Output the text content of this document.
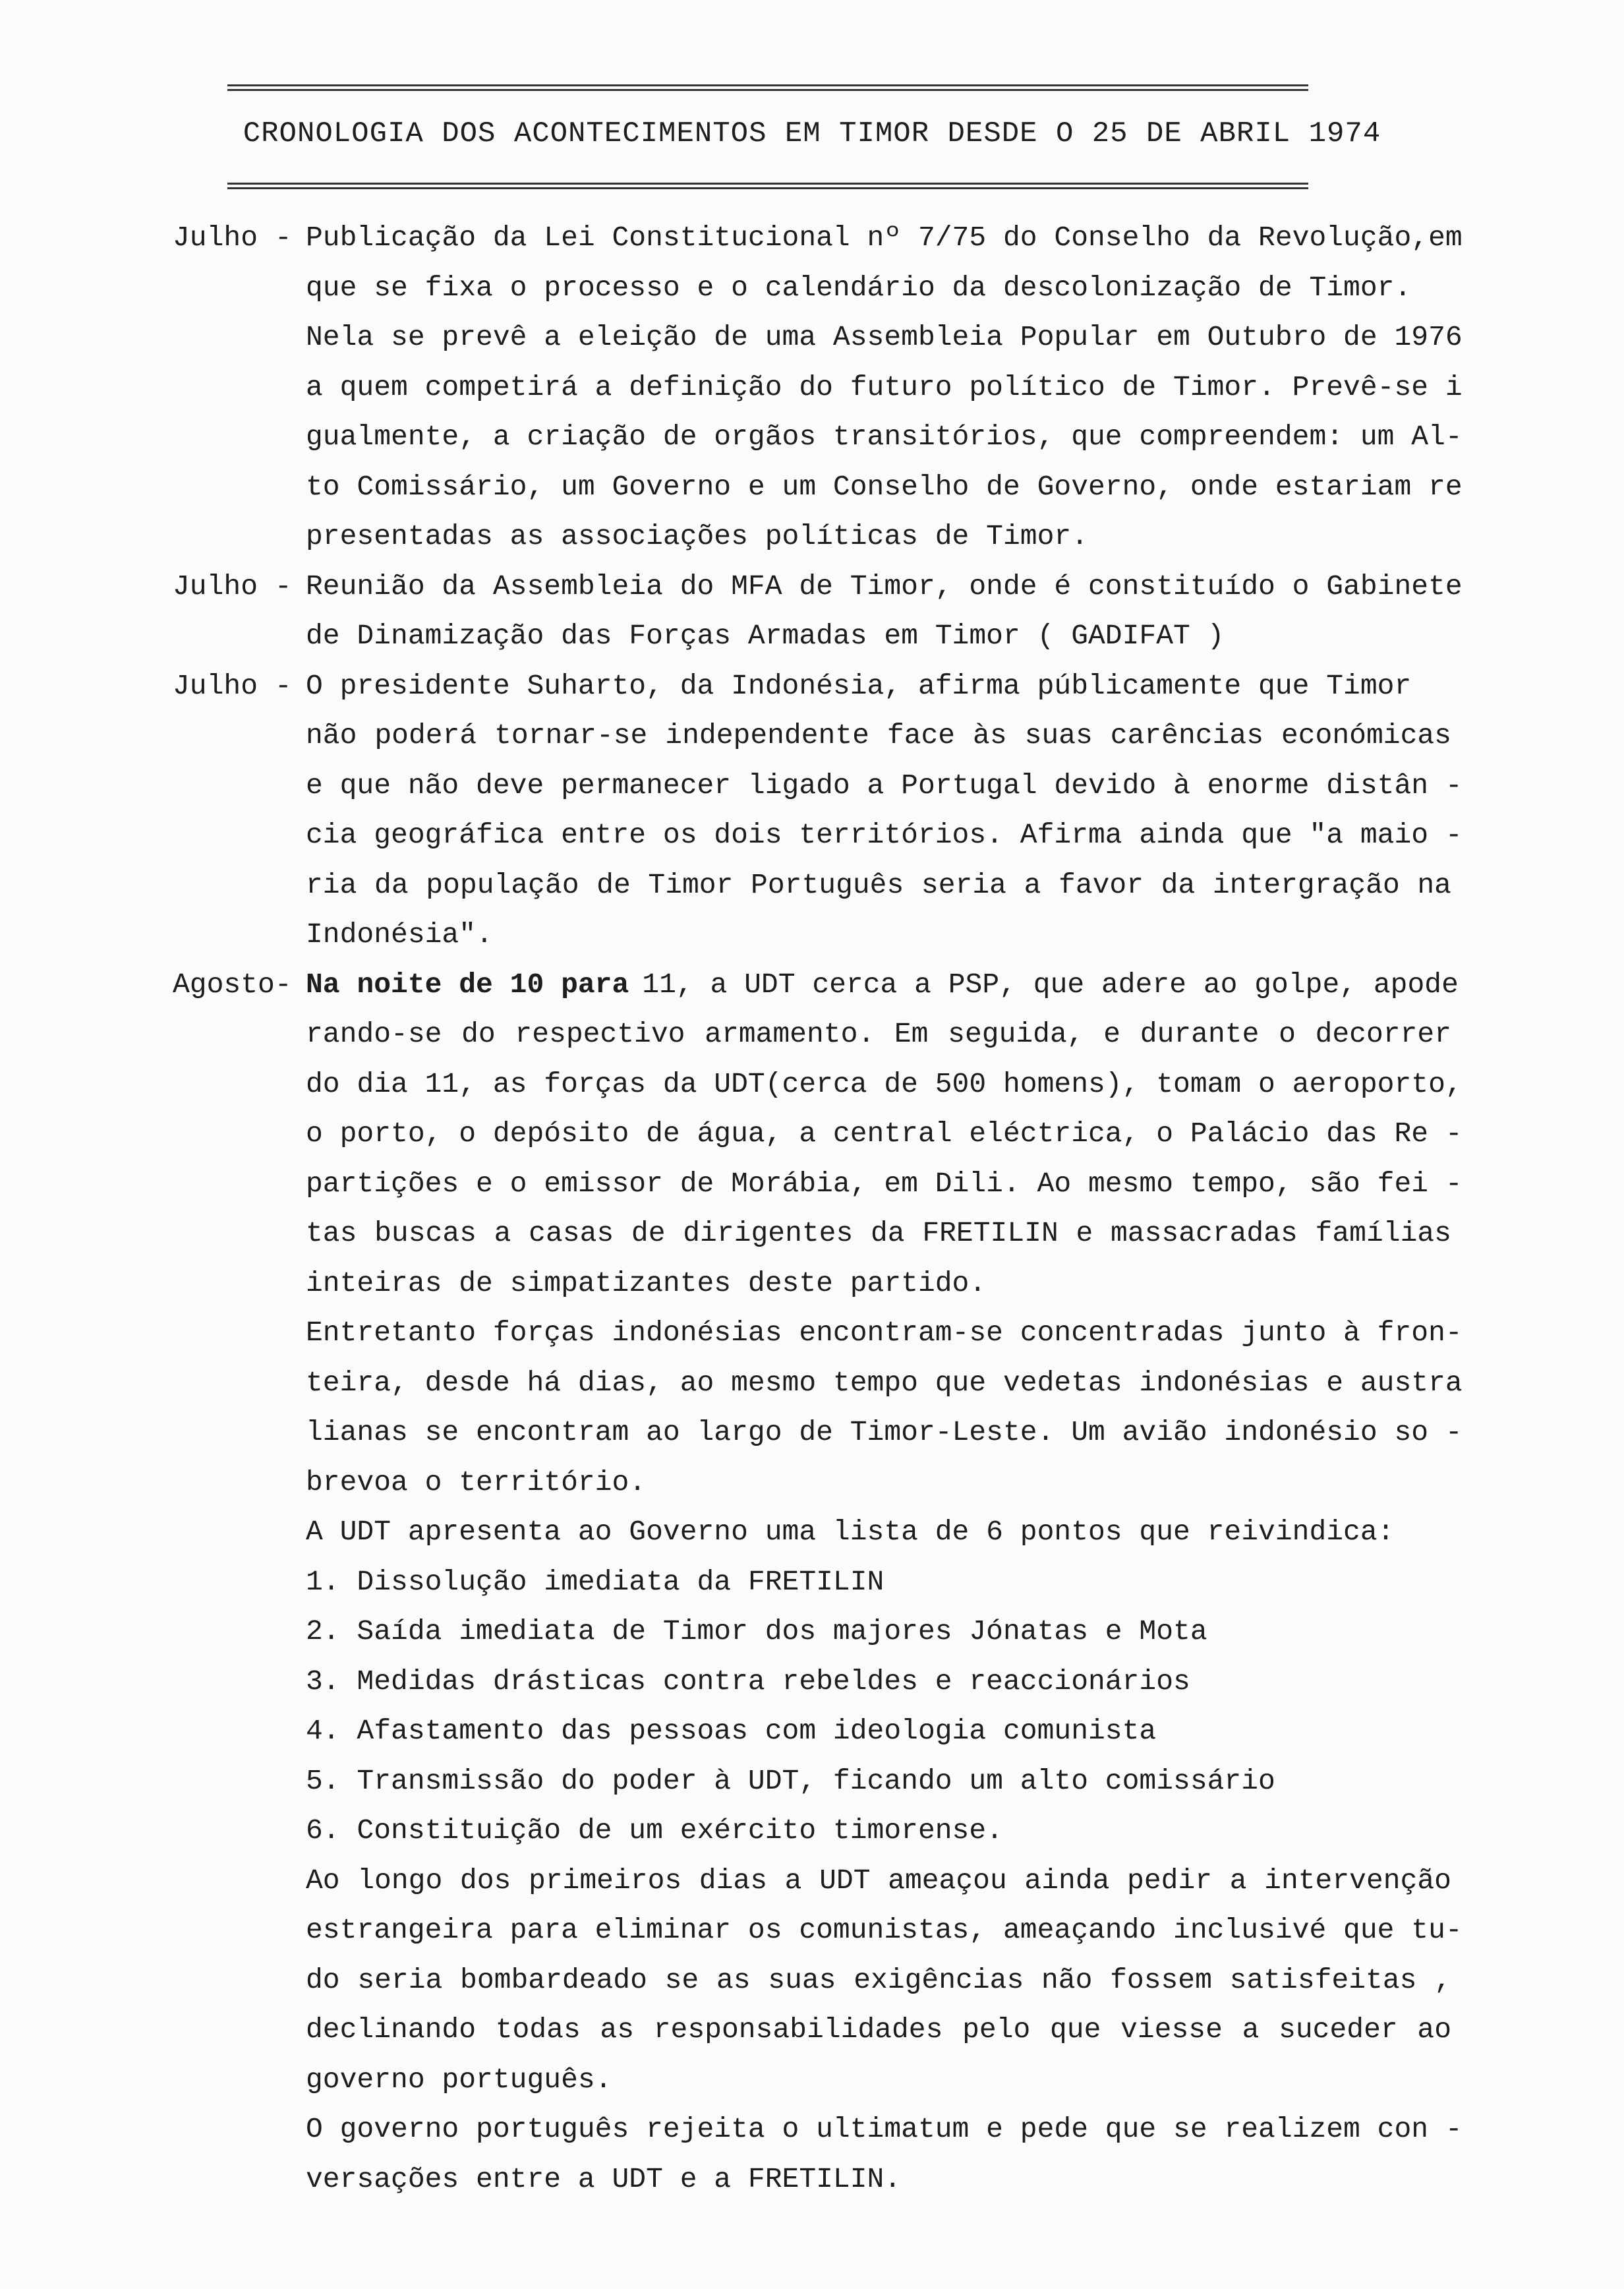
CRONOLOGIA DOS ACONTECIMENTOS EM TIMOR DESDE O 25 DE ABRIL 1974
Julho - Publicação da Lei Constitucional nº 7/75 do Conselho da Revolução,em
que se fixa o processo e o calendário da descolonização de Timor.
Nela se prevê a eleição de uma Assembleia Popular em Outubro de 1976
a quem competirá a definição do futuro político de Timor. Prevê-se i
gualmente, a criação de orgãos transitórios, que compreendem: um Al-
to Comissário, um Governo e um Conselho de Governo, onde estariam re
presentadas as associações políticas de Timor.
Julho - Reunião da Assembleia do MFA de Timor, onde é constituído o Gabinete
de Dinamização das Forças Armadas em Timor ( GADIFAT )
Julho - O presidente Suharto, da Indonésia, afirma públicamente que Timor
não poderá tornar-se independente face às suas carências económicas
e que não deve permanecer ligado a Portugal devido à enorme distân -
cia geográfica entre os dois territórios. Afirma ainda que "a maio -
ria da população de Timor Português seria a favor da intergração na
Indonésia".
Agosto- Na noite de 10 para 11, a UDT cerca a PSP, que adere ao golpe, apode
rando-se do respectivo armamento. Em seguida, e durante o decorrer
do dia 11, as forças da UDT(cerca de 500 homens), tomam o aeroporto,
o porto, o depósito de água, a central eléctrica, o Palácio das Re -
partições e o emissor de Morábia, em Dili. Ao mesmo tempo, são fei -
tas buscas a casas de dirigentes da FRETILIN e massacradas famílias
inteiras de simpatizantes deste partido.
Entretanto forças indonésias encontram-se concentradas junto à fron-
teira, desde há dias, ao mesmo tempo que vedetas indonésias e austra
lianas se encontram ao largo de Timor-Leste. Um avião indonésio so -
brevoa o território.
A UDT apresenta ao Governo uma lista de 6 pontos que reivindica:
1. Dissolução imediata da FRETILIN
2. Saída imediata de Timor dos majores Jónatas e Mota
3. Medidas drásticas contra rebeldes e reaccionários
4. Afastamento das pessoas com ideologia comunista
5. Transmissão do poder à UDT, ficando um alto comissário
6. Constituição de um exército timorense.
Ao longo dos primeiros dias a UDT ameaçou ainda pedir a intervenção
estrangeira para eliminar os comunistas, ameaçando inclusivé que tu-
do seria bombardeado se as suas exigências não fossem satisfeitas ,
declinando todas as responsabilidades pelo que viesse a suceder ao
governo português.
O governo português rejeita o ultimatum e pede que se realizem con -
versações entre a UDT e a FRETILIN.
